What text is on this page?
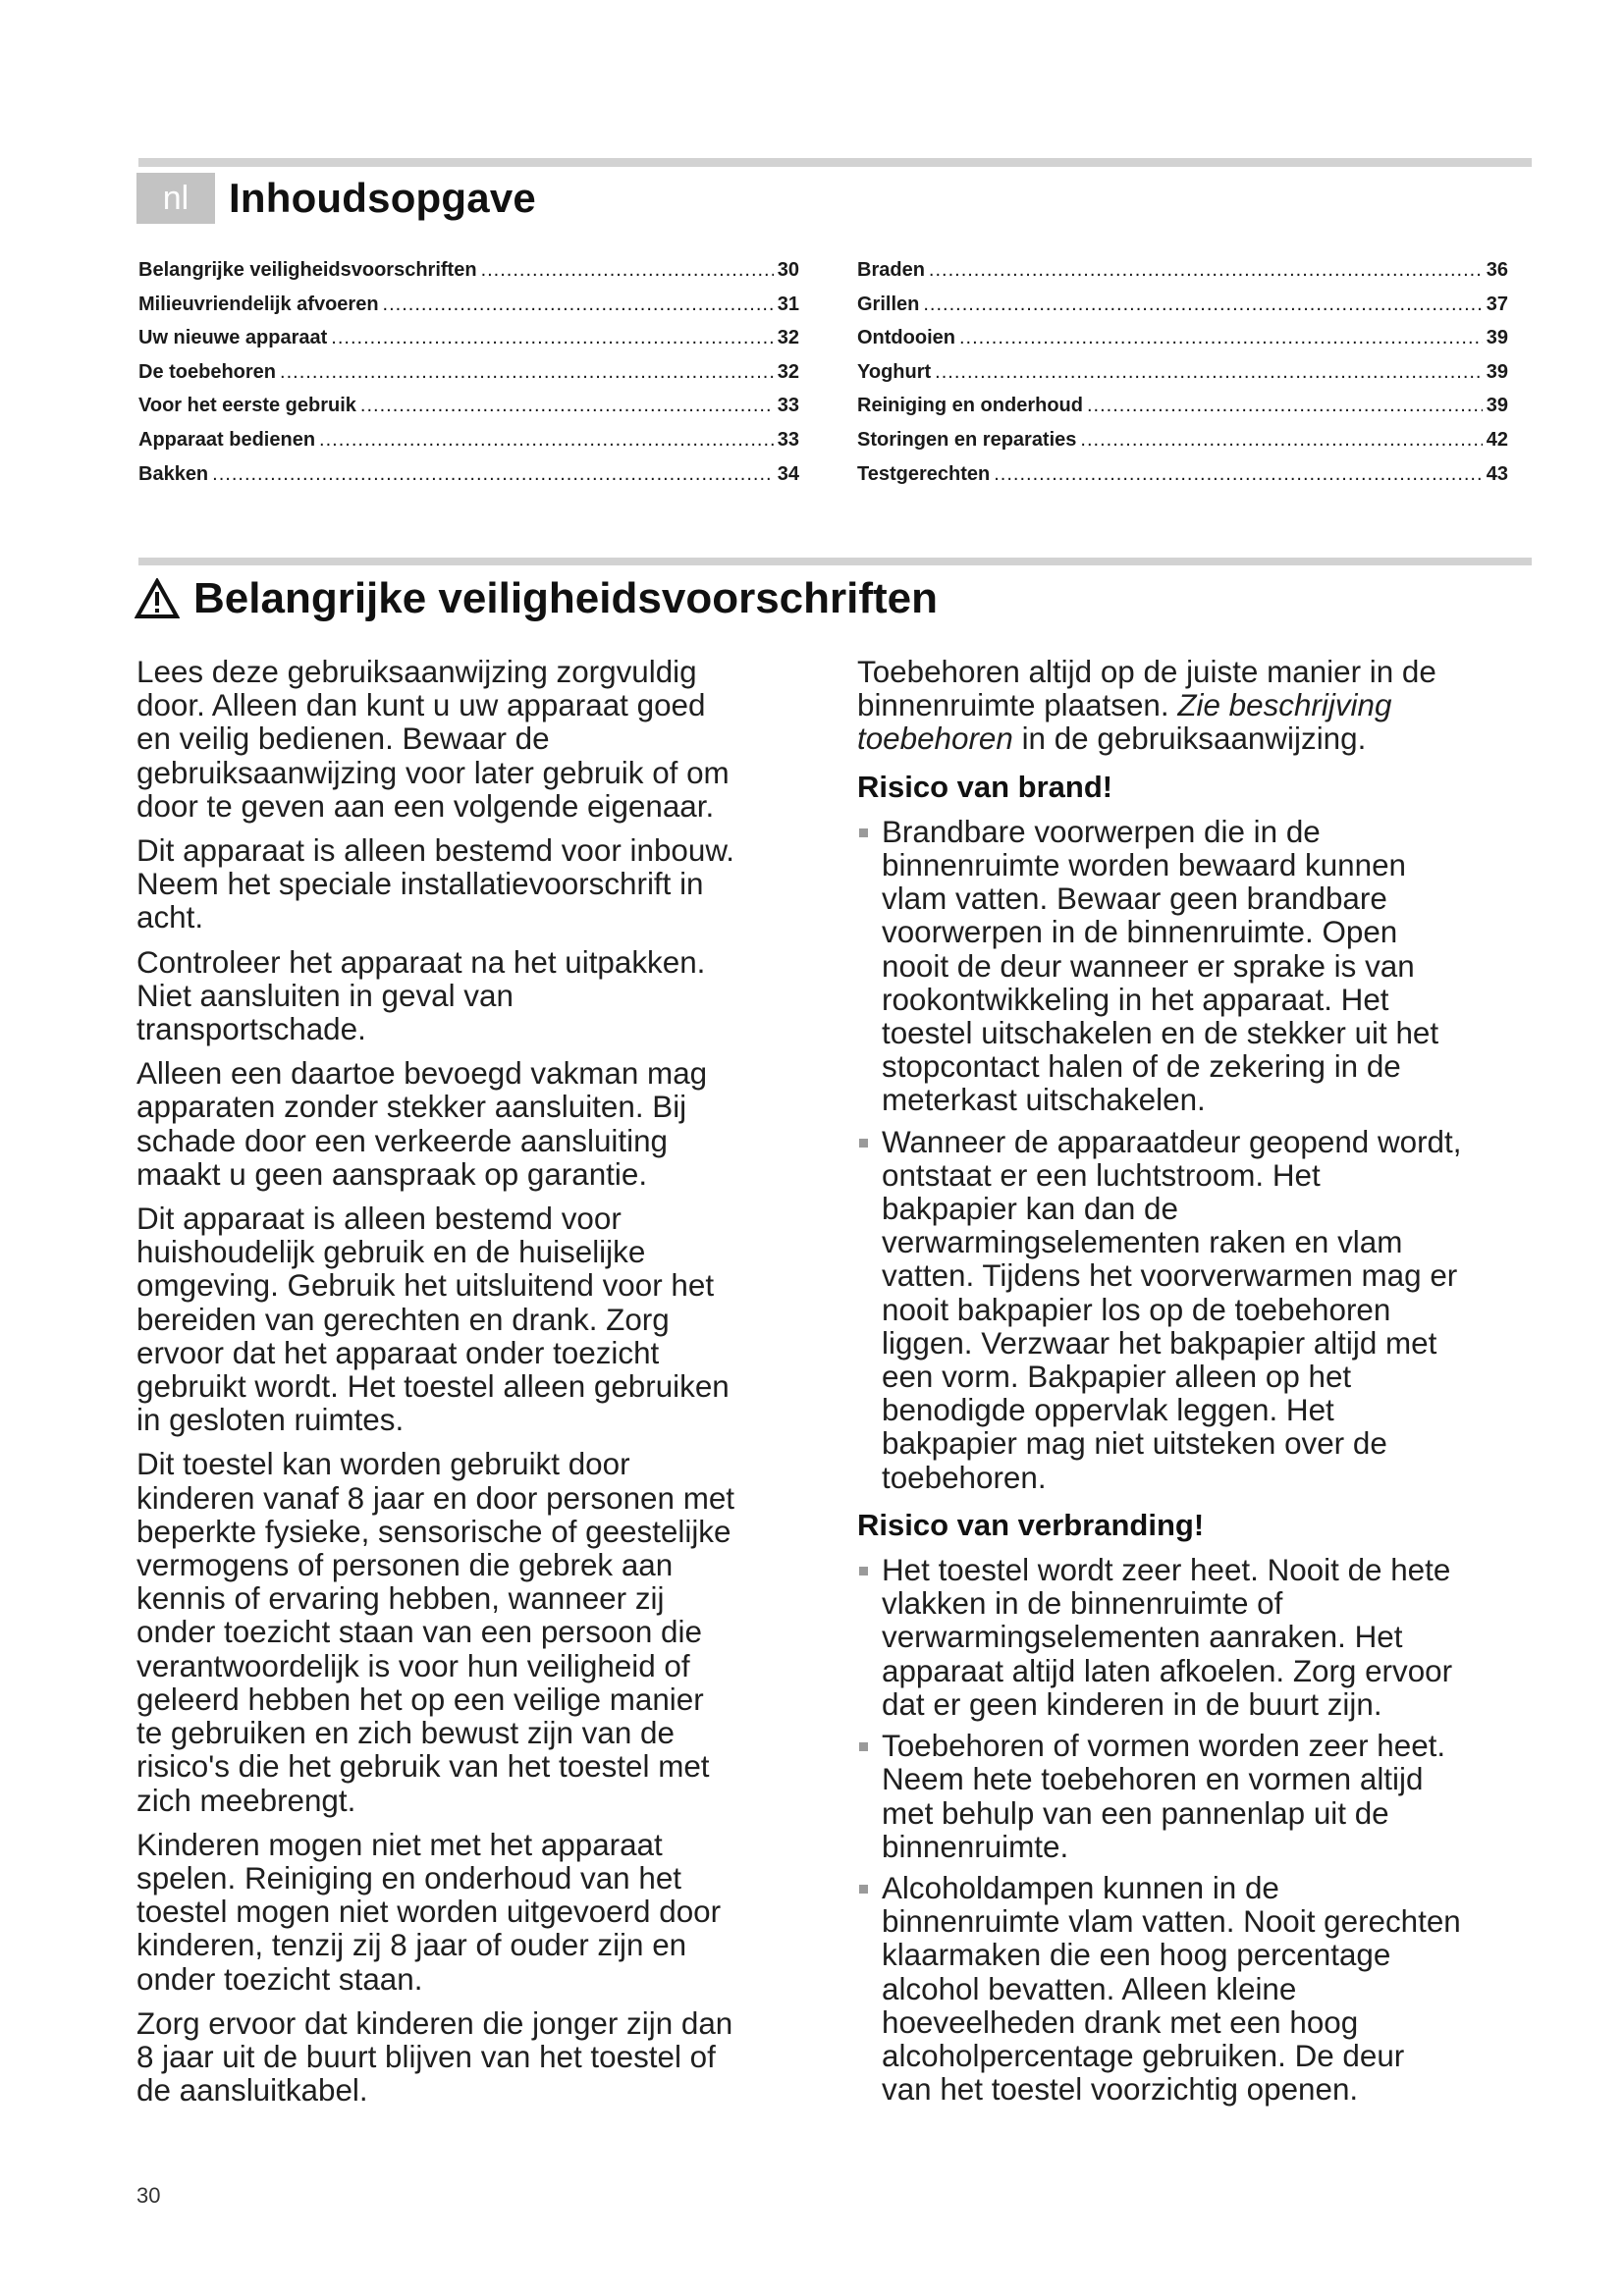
nl Inhoudsopgave
Belangrijke veiligheidsvoorschriften .....	30
Milieuvriendelijk afvoeren .....	31
Uw nieuwe apparaat .....	32
De toebehoren .....	32
Voor het eerste gebruik .....	33
Apparaat bedienen .....	33
Bakken .....	34
Braden .....	36
Grillen .....	37
Ontdooien .....	39
Yoghurt .....	39
Reiniging en onderhoud .....	39
Storingen en reparaties .....	42
Testgerechten .....	43
Belangrijke veiligheidsvoorschriften
Lees deze gebruiksaanwijzing zorgvuldig
door. Alleen dan kunt u uw apparaat goed
en veilig bedienen. Bewaar de
gebruiksaanwijzing voor later gebruik of om
door te geven aan een volgende eigenaar.
Dit apparaat is alleen bestemd voor inbouw.
Neem het speciale installatievoorschrift in
acht.
Controleer het apparaat na het uitpakken.
Niet aansluiten in geval van
transportschade.
Alleen een daartoe bevoegd vakman mag
apparaten zonder stekker aansluiten. Bij
schade door een verkeerde aansluiting
maakt u geen aanspraak op garantie.
Dit apparaat is alleen bestemd voor
huishoudelijk gebruik en de huiselijke
omgeving. Gebruik het uitsluitend voor het
bereiden van gerechten en drank. Zorg
ervoor dat het apparaat onder toezicht
gebruikt wordt. Het toestel alleen gebruiken
in gesloten ruimtes.
Dit toestel kan worden gebruikt door
kinderen vanaf 8 jaar en door personen met
beperkte fysieke, sensorische of geestelijke
vermogens of personen die gebrek aan
kennis of ervaring hebben, wanneer zij
onder toezicht staan van een persoon die
verantwoordelijk is voor hun veiligheid of
geleerd hebben het op een veilige manier
te gebruiken en zich bewust zijn van de
risico's die het gebruik van het toestel met
zich meebrengt.
Kinderen mogen niet met het apparaat
spelen. Reiniging en onderhoud van het
toestel mogen niet worden uitgevoerd door
kinderen, tenzij zij 8 jaar of ouder zijn en
onder toezicht staan.
Zorg ervoor dat kinderen die jonger zijn dan
8 jaar uit de buurt blijven van het toestel of
de aansluitkabel.
Toebehoren altijd op de juiste manier in de
binnenruimte plaatsen. Zie beschrijving
toebehoren in de gebruiksaanwijzing.
Risico van brand!
Brandbare voorwerpen die in de
binnenruimte worden bewaard kunnen
vlam vatten. Bewaar geen brandbare
voorwerpen in de binnenruimte. Open
nooit de deur wanneer er sprake is van
rookontwikkeling in het apparaat. Het
toestel uitschakelen en de stekker uit het
stopcontact halen of de zekering in de
meterkast uitschakelen.
Wanneer de apparaatdeur geopend wordt,
ontstaat er een luchtstroom. Het
bakpapier kan dan de
verwarmingselementen raken en vlam
vatten. Tijdens het voorverwarmen mag er
nooit bakpapier los op de toebehoren
liggen. Verzwaar het bakpapier altijd met
een vorm. Bakpapier alleen op het
benodigde oppervlak leggen. Het
bakpapier mag niet uitsteken over de
toebehoren.
Risico van verbranding!
Het toestel wordt zeer heet. Nooit de hete
vlakken in de binnenruimte of
verwarmingselementen aanraken. Het
apparaat altijd laten afkoelen. Zorg ervoor
dat er geen kinderen in de buurt zijn.
Toebehoren of vormen worden zeer heet.
Neem hete toebehoren en vormen altijd
met behulp van een pannenlap uit de
binnenruimte.
Alcoholdampen kunnen in de
binnenruimte vlam vatten. Nooit gerechten
klaarmaken die een hoog percentage
alcohol bevatten. Alleen kleine
hoeveelheden drank met een hoog
alcoholpercentage gebruiken. De deur
van het toestel voorzichtig openen.
30
